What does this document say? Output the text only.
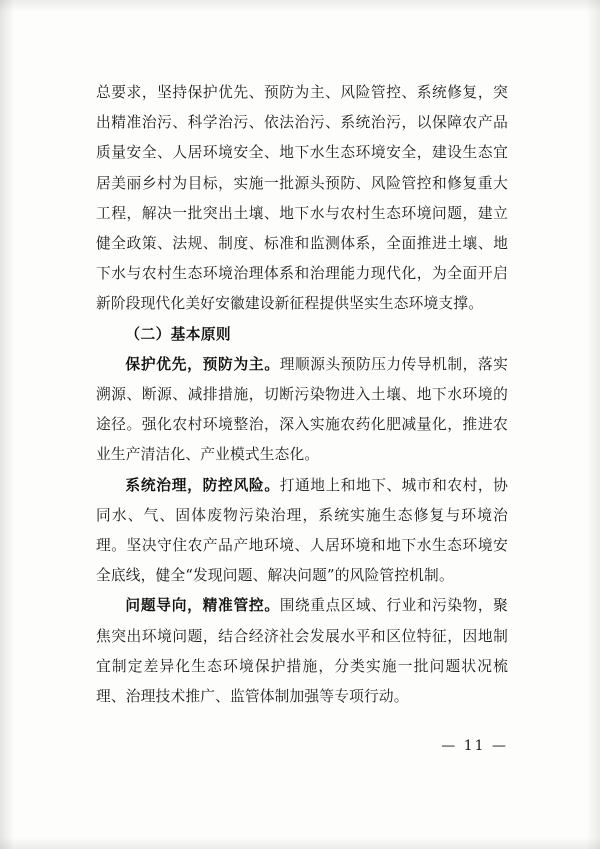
总要求，坚持保护优先、预防为主、风险管控、系统修复，突出精准治污、科学治污、依法治污、系统治污，以保障农产品质量安全、人居环境安全、地下水生态环境安全，建设生态宜居美丽乡村为目标，实施一批源头预防、风险管控和修复重大工程，解决一批突出土壤、地下水与农村生态环境问题，建立健全政策、法规、制度、标准和监测体系，全面推进土壤、地下水与农村生态环境治理体系和治理能力现代化，为全面开启新阶段现代化美好安徽建设新征程提供坚实生态环境支撑。

（二）基本原则

保护优先，预防为主。理顺源头预防压力传导机制，落实溯源、断源、减排措施，切断污染物进入土壤、地下水环境的途径。强化农村环境整治，深入实施农药化肥减量化，推进农业生产清洁化、产业模式生态化。

系统治理，防控风险。打通地上和地下、城市和农村，协同水、气、固体废物污染治理，系统实施生态修复与环境治理。坚决守住农产品产地环境、人居环境和地下水生态环境安全底线，健全“发现问题、解决问题”的风险管控机制。

问题导向，精准管控。围绕重点区域、行业和污染物，聚焦突出环境问题，结合经济社会发展水平和区位特征，因地制宜制定差异化生态环境保护措施，分类实施一批问题状况梳理、治理技术推广、监管体制加强等专项行动。

— 11 —
